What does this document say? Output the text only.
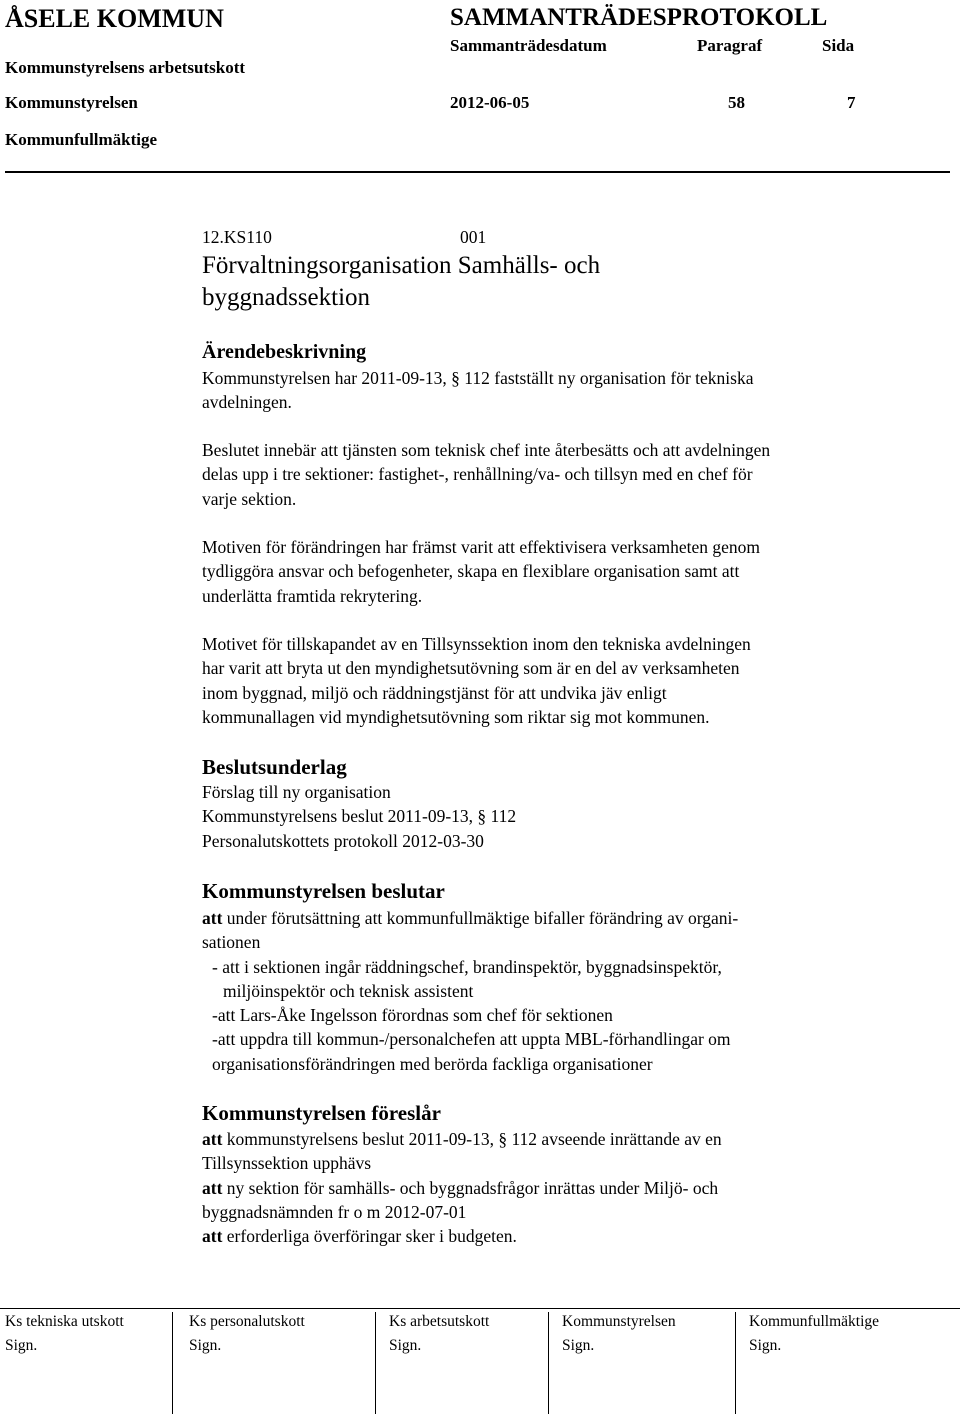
ÅSELE KOMMUN	SAMMANTRÄDESPROTOKOLL
Sammanträdesdatum	Paragraf	Sida
Kommunstyrelsens arbetsutskott
Kommunstyrelsen	2012-06-05	58	7
Kommunfullmäktige
12.KS110	001
Förvaltningsorganisation Samhälls- och
byggnadssektion
Ärendebeskrivning
Kommunstyrelsen har 2011-09-13, § 112 fastställt ny organisation för tekniska
avdelningen.
Beslutet innebär att tjänsten som teknisk chef inte återbesätts och att avdelningen
delas upp i tre sektioner: fastighet-, renhållning/va- och tillsyn med en chef för
varje sektion.
Motiven för förändringen har främst varit att effektivisera verksamheten genom
tydliggöra ansvar och befogenheter, skapa en flexiblare organisation samt att
underlätta framtida rekrytering.
Motivet för tillskapandet av en Tillsynssektion inom den tekniska avdelningen
har varit att bryta ut den myndighetsutövning som är en del av verksamheten
inom byggnad, miljö och räddningstjänst för att undvika jäv enligt
kommunallagen vid myndighetsutövning som riktar sig mot kommunen.
Beslutsunderlag
Förslag till ny organisation
Kommunstyrelsens beslut 2011-09-13, § 112
Personalutskottets protokoll 2012-03-30
Kommunstyrelsen beslutar
att under förutsättning att kommunfullmäktige bifaller förändring av organi-
sationen
- att i sektionen ingår räddningschef, brandinspektör, byggnadsinspektör,
miljöinspektör och teknisk assistent
-att Lars-Åke Ingelsson förordnas som chef för sektionen
-att uppdra till kommun-/personalchefen att uppta MBL-förhandlingar om
organisationsförändringen med berörda fackliga organisationer
Kommunstyrelsen föreslår
att kommunstyrelsens beslut 2011-09-13, § 112 avseende inrättande av en
Tillsynssektion upphävs
att ny sektion för samhälls- och byggnadsfrågor inrättas under Miljö- och
byggnadsnämnden fr o m 2012-07-01
att erforderliga överföringar sker i budgeten.
Ks tekniska utskott
Sign.
Ks personalutskott
Sign.
Ks arbetsutskott
Sign.
Kommunstyrelsen
Sign.
Kommunfullmäktige
Sign.
